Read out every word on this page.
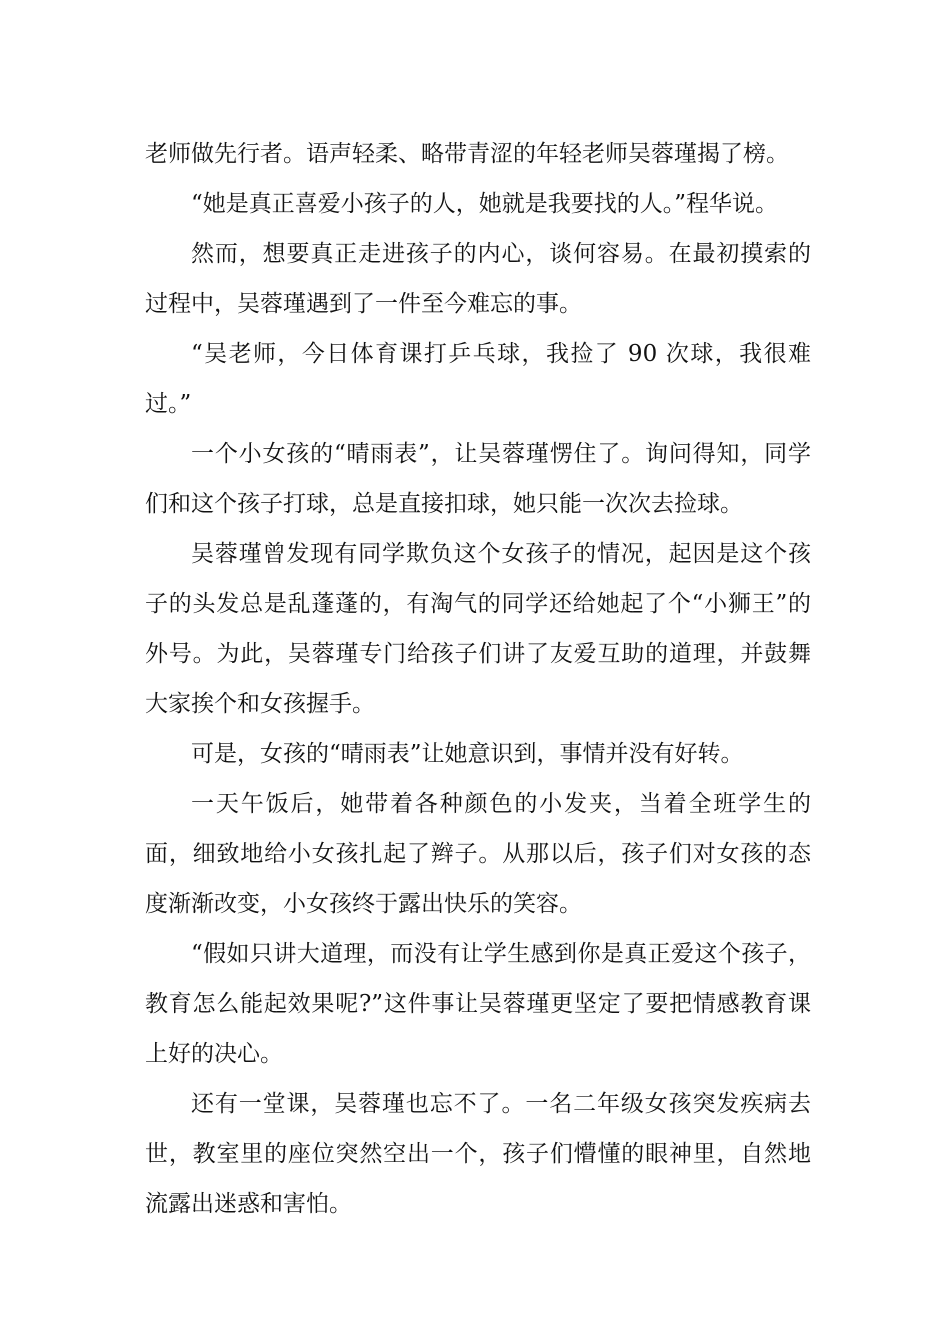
老师做先行者。语声轻柔、略带青涩的年轻老师吴蓉瑾揭了榜。

“她是真正喜爱小孩子的人，她就是我要找的人。”程华说。

然而，想要真正走进孩子的内心，谈何容易。在最初摸索的过程中，吴蓉瑾遇到了一件至今难忘的事。

“吴老师，今日体育课打乒乓球，我捡了 90 次球，我很难过。”

一个小女孩的“晴雨表”，让吴蓉瑾愣住了。询问得知，同学们和这个孩子打球，总是直接扣球，她只能一次次去捡球。

吴蓉瑾曾发现有同学欺负这个女孩子的情况，起因是这个孩子的头发总是乱蓬蓬的，有淘气的同学还给她起了个“小狮王”的外号。为此，吴蓉瑾专门给孩子们讲了友爱互助的道理，并鼓舞大家挨个和女孩握手。

可是，女孩的“晴雨表”让她意识到，事情并没有好转。

一天午饭后，她带着各种颜色的小发夹，当着全班学生的面，细致地给小女孩扎起了辫子。从那以后，孩子们对女孩的态度渐渐改变，小女孩终于露出快乐的笑容。

“假如只讲大道理，而没有让学生感到你是真正爱这个孩子，教育怎么能起效果呢?”这件事让吴蓉瑾更坚定了要把情感教育课上好的决心。

还有一堂课，吴蓉瑾也忘不了。一名二年级女孩突发疾病去世，教室里的座位突然空出一个，孩子们懵懂的眼神里，自然地流露出迷惑和害怕。
